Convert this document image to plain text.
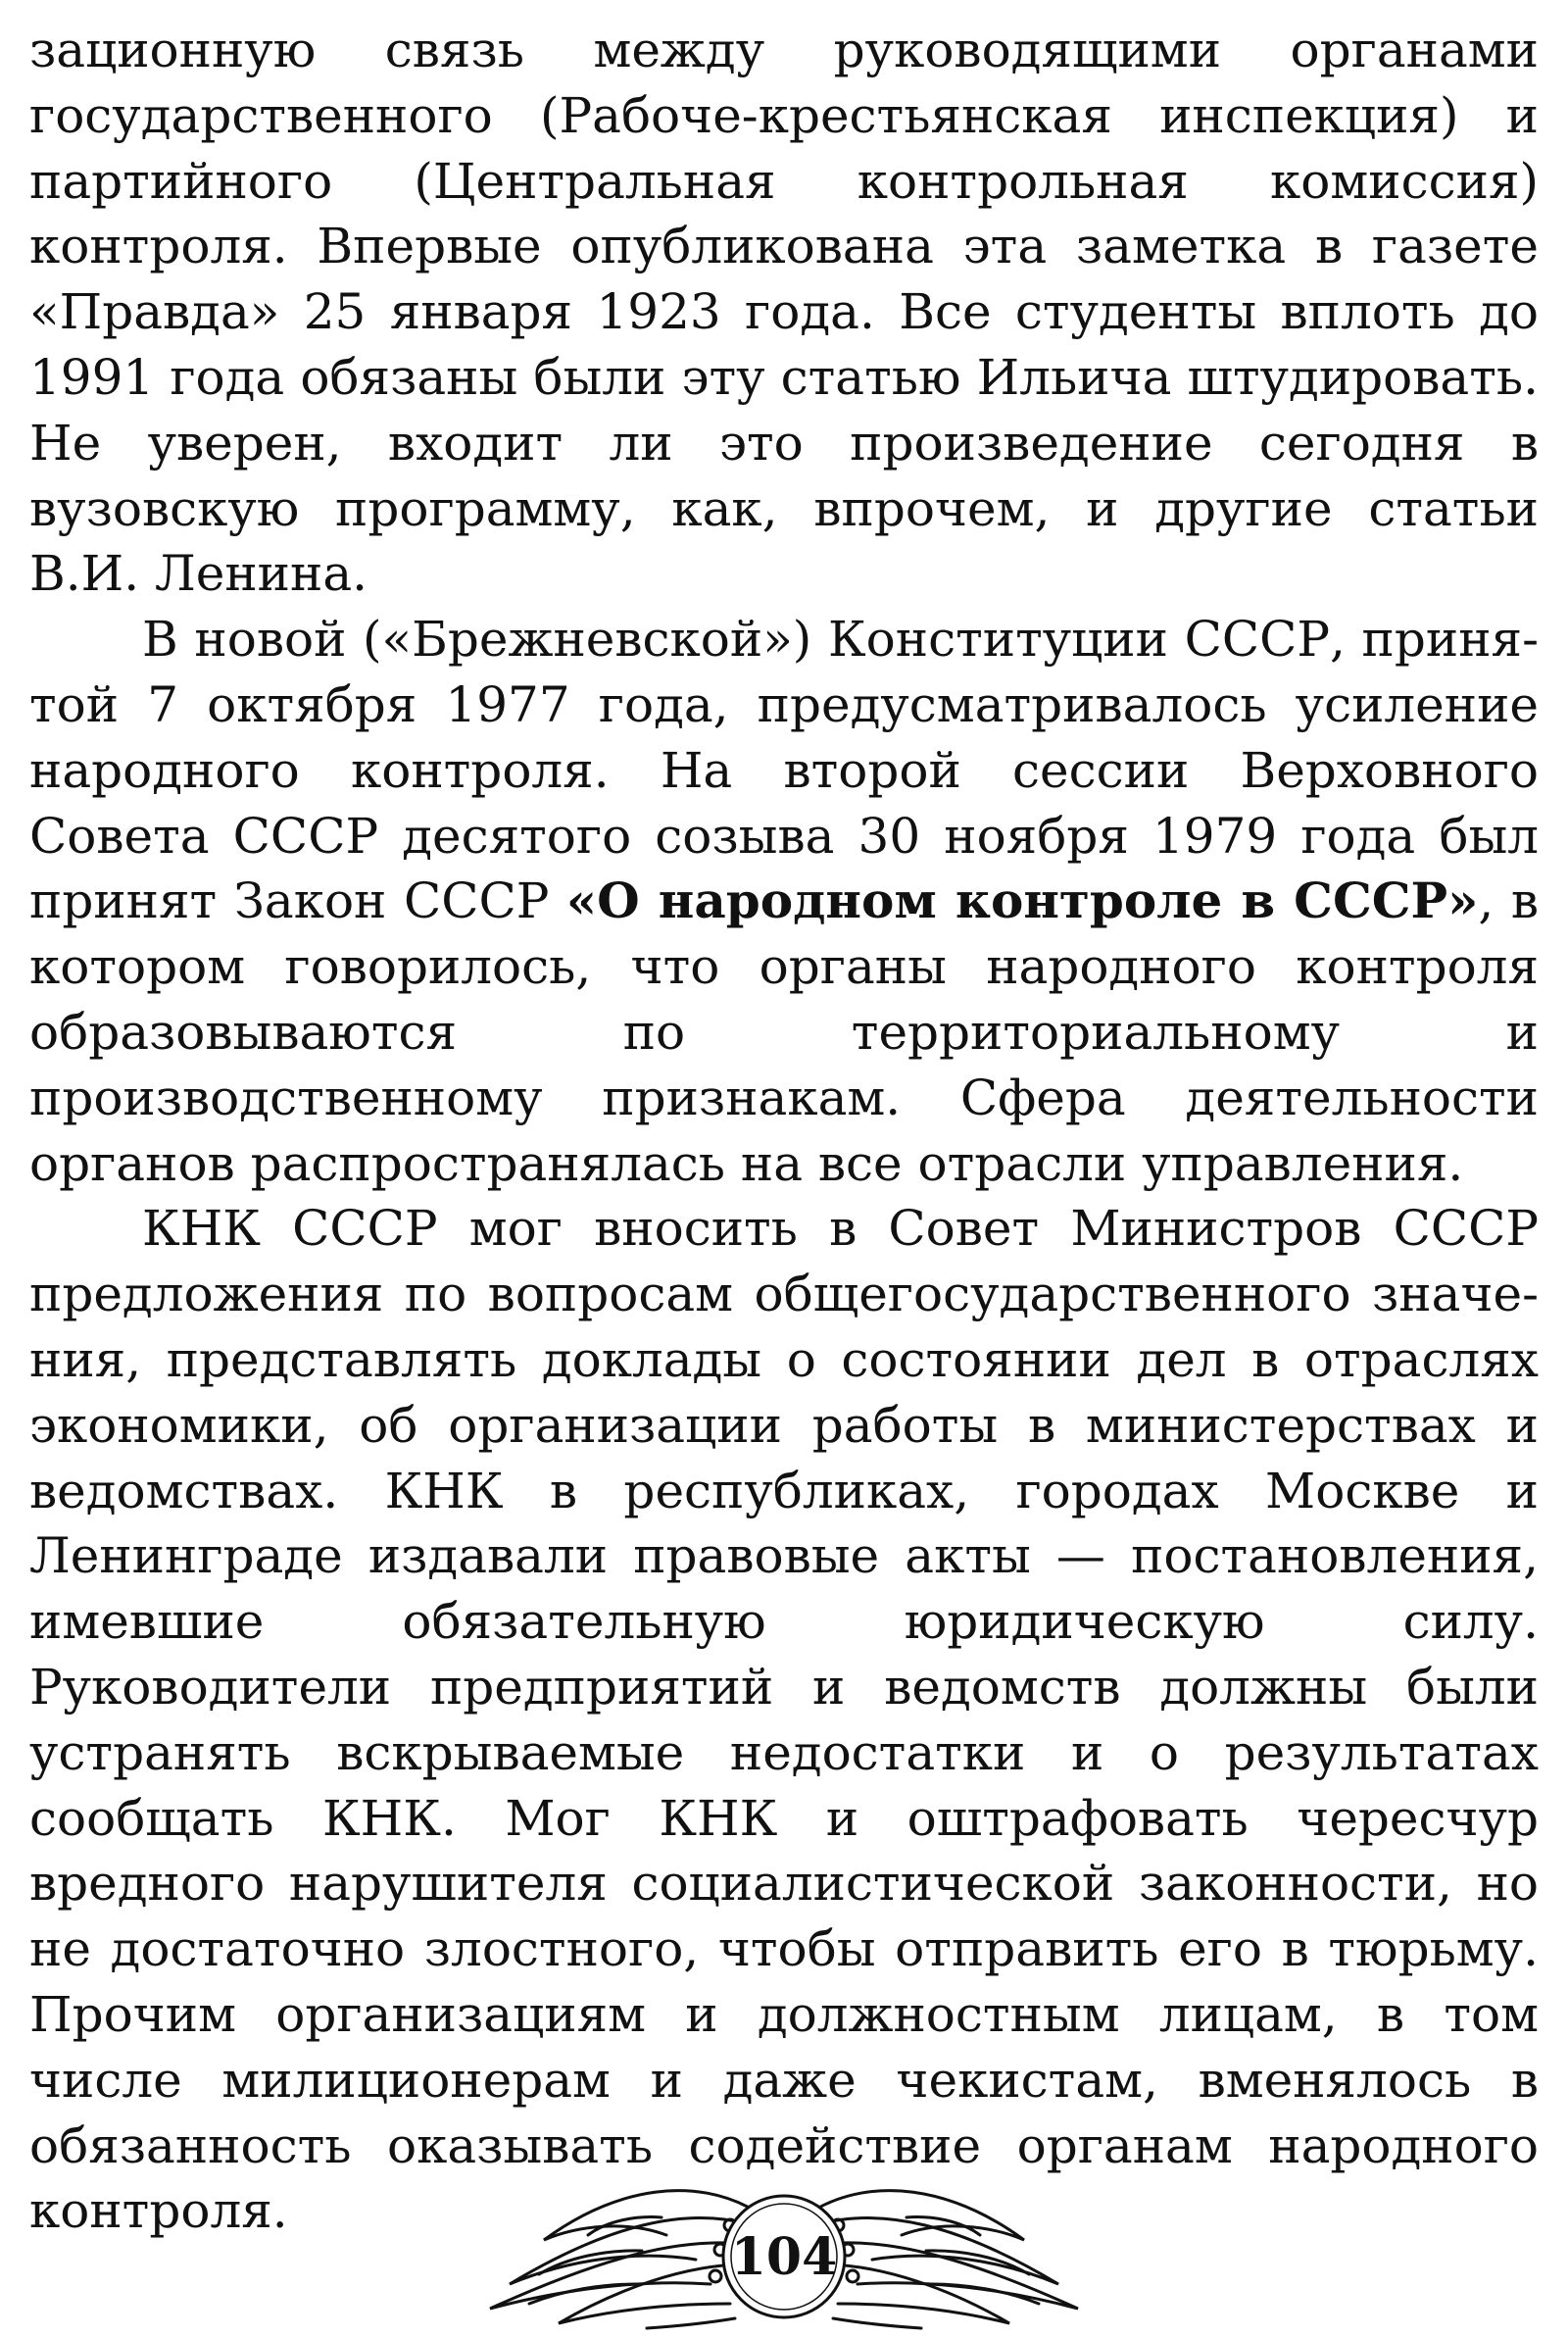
зационную связь между руководящими органами государственного (Рабоче-крестьянская инспекция) и партийного (Центральная контрольная комиссия) контроля. Впервые опубликована эта заметка в газете «Правда» 25 января 1923 года. Все студенты вплоть до 1991 года обязаны были эту статью Ильича штудировать. Не уверен, входит ли это произведение сегодня в вузовскую программу, как, впрочем, и другие статьи В.И. Ленина.

В новой («Брежневской») Конституции СССР, принятой 7 октября 1977 года, предусматривалось усиление народного контроля. На второй сессии Верховного Совета СССР десятого созыва 30 ноября 1979 года был принят Закон СССР «О народном контроле в СССР», в котором говорилось, что органы народного контроля образовываются по территориальному и производственному признакам. Сфера деятельности органов распространялась на все отрасли управления.

КНК СССР мог вносить в Совет Министров СССР предложения по вопросам общегосударственного значения, представлять доклады о состоянии дел в отраслях экономики, об организации работы в министерствах и ведомствах. КНК в республиках, городах Москве и Ленинграде издавали правовые акты — постановления, имевшие обязательную юридическую силу. Руководители предприятий и ведомств должны были устранять вскрываемые недостатки и о результатах сообщать КНК. Мог КНК и оштрафовать чересчур вредного нарушителя социалистической законности, но не достаточно злостного, чтобы отправить его в тюрьму. Прочим организациям и должностным лицам, в том числе милиционерам и даже чекистам, вменялось в обязанность оказывать содействие органам народного контроля.

104
